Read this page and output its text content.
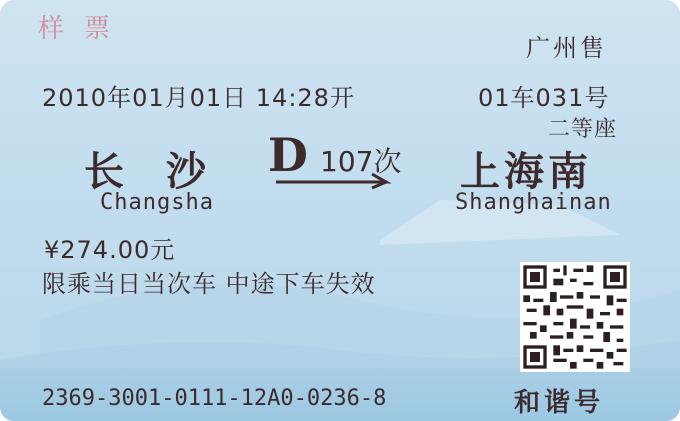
样票
广州售
2010年01月01日 14:28开	01车031号
二等座
长沙 D 107次 上海南
Changsha	Shanghainan
¥274.00元
限乘当日当次车 中途下车失效
2369-3001-0111-12A0-0236-8	和谐号
